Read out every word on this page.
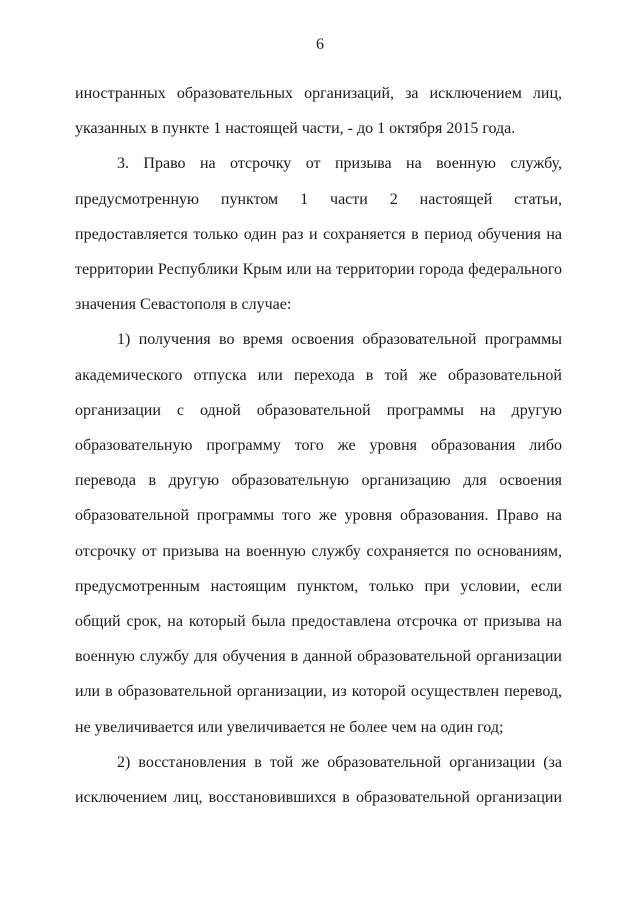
6

иностранных образовательных организаций, за исключением лиц, указанных в пункте 1 настоящей части, - до 1 октября 2015 года.

3. Право на отсрочку от призыва на военную службу, предусмотренную пунктом 1 части 2 настоящей статьи, предоставляется только один раз и сохраняется в период обучения на территории Республики Крым или на территории города федерального значения Севастополя в случае:

1) получения во время освоения образовательной программы академического отпуска или перехода в той же образовательной организации с одной образовательной программы на другую образовательную программу того же уровня образования либо перевода в другую образовательную организацию для освоения образовательной программы того же уровня образования. Право на отсрочку от призыва на военную службу сохраняется по основаниям, предусмотренным настоящим пунктом, только при условии, если общий срок, на который была предоставлена отсрочка от призыва на военную службу для обучения в данной образовательной организации или в образовательной организации, из которой осуществлен перевод, не увеличивается или увеличивается не более чем на один год;

2) восстановления в той же образовательной организации (за исключением лиц, восстановившихся в образовательной организации
